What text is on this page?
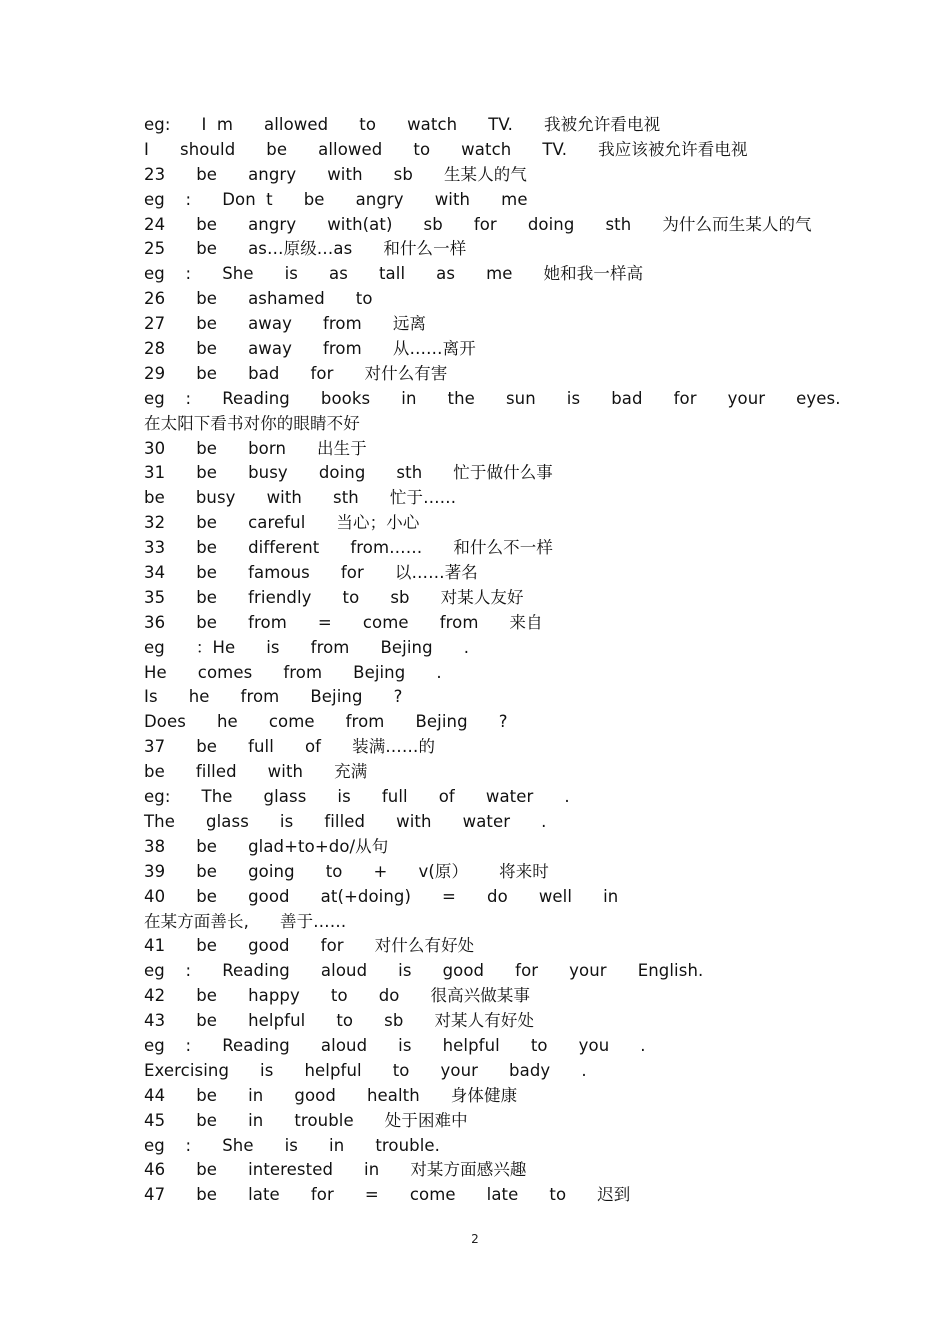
eg:   I m   allowed   to   watch   TV.   我被允许看电视
I   should   be   allowed   to   watch   TV.   我应该被允许看电视
23   be   angry   with   sb   生某人的气
eg  :   Don t   be   angry   with   me
24   be   angry   with(at)   sb   for   doing   sth   为什么而生某人的气
25   be   as…原级…as   和什么一样
eg  :   She   is   as   tall   as   me   她和我一样高
26   be   ashamed   to
27   be   away   from   远离
28   be   away   from   从……离开
29   be   bad   for   对什么有害
eg  :   Reading   books   in   the   sun   is   bad   for   your   eyes.
在太阳下看书对你的眼睛不好
30   be   born   出生于
31   be   busy   doing   sth   忙于做什么事
be   busy   with   sth   忙于……
32   be   careful   当心；小心
33   be   different   from……   和什么不一样
34   be   famous   for   以……著名
35   be   friendly   to   sb   对某人友好
36   be   from   =   come   from   来自
eg   ：He   is   from   Bejing   .
He   comes   from   Bejing   .
Is   he   from   Bejing   ?
Does   he   come   from   Bejing   ?
37   be   full   of   装满……的
be   filled   with   充满
eg:   The   glass   is   full   of   water   .
The   glass   is   filled   with   water   .
38   be   glad+to+do/从句
39   be   going   to   +   v(原）   将来时
40   be   good   at(+doing)   =   do   well   in
在某方面善长,   善于……
41   be   good   for   对什么有好处
eg  :   Reading   aloud   is   good   for   your   English.
42   be   happy   to   do   很高兴做某事
43   be   helpful   to   sb   对某人有好处
eg  :   Reading   aloud   is   helpful   to   you   .
Exercising   is   helpful   to   your   bady   .
44   be   in   good   health   身体健康
45   be   in   trouble   处于困难中
eg  :   She   is   in   trouble.
46   be   interested   in   对某方面感兴趣
47   be   late   for   =   come   late   to   迟到
2
